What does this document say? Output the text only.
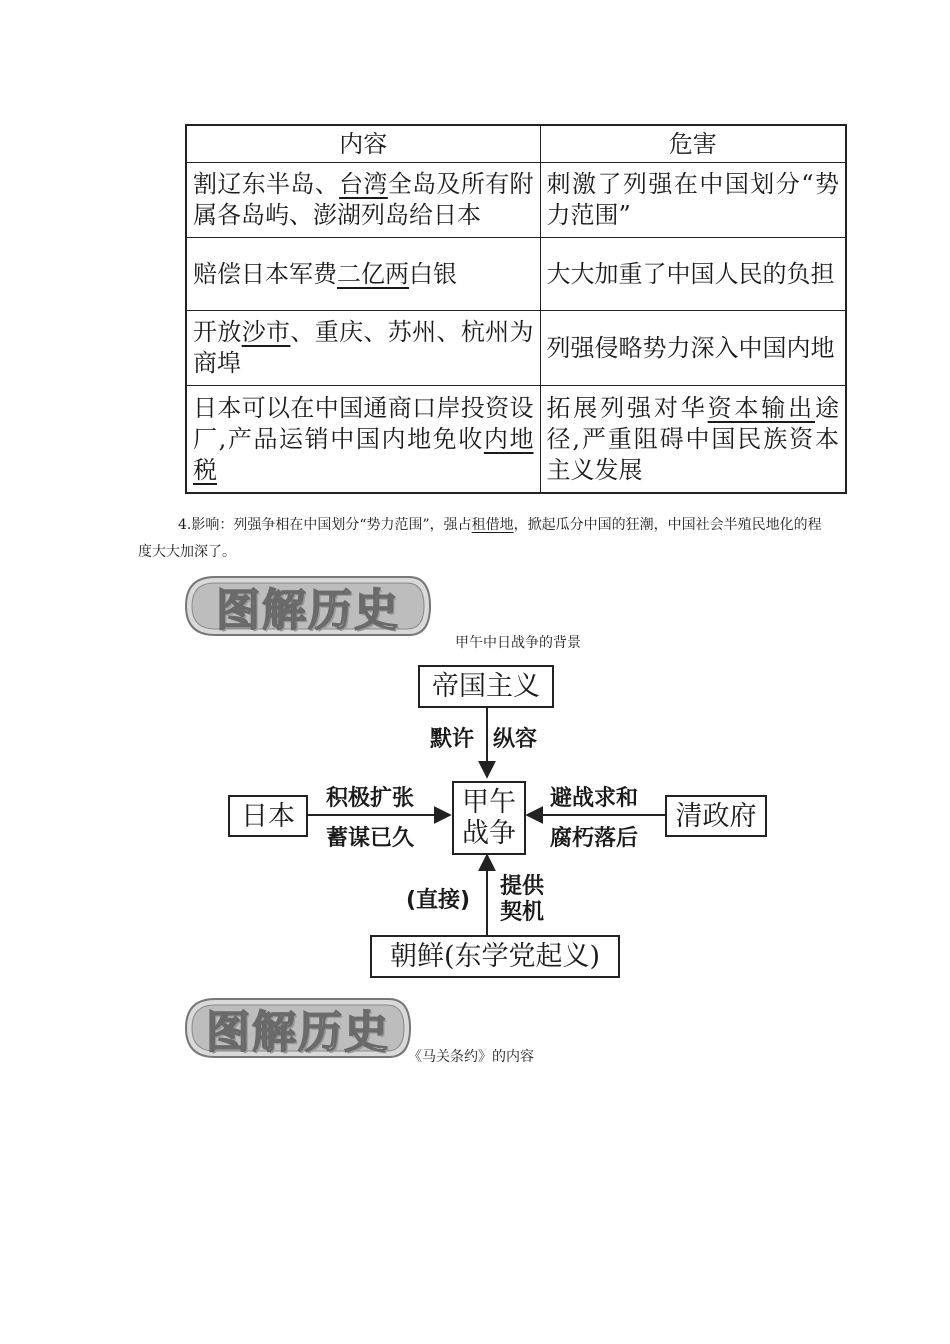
内容	危害
割辽东半岛、台湾全岛及所有附属各岛屿、澎湖列岛给日本	刺激了列强在中国划分“势力范围”
赔偿日本军费二亿两白银	大大加重了中国人民的负担
开放沙市、重庆、苏州、杭州为商埠	列强侵略势力深入中国内地
日本可以在中国通商口岸投资设厂,产品运销中国内地免收内地税	拓展列强对华资本输出途径,严重阻碍中国民族资本主义发展

4.影响：列强争相在中国划分“势力范围”，强占租借地，掀起瓜分中国的狂潮，中国社会半殖民地化的程度大大加深了。

图解历史
甲午中日战争的背景
帝国主义
默许 纵容
甲午
战争
日本
积极扩张
蓄谋已久
清政府
避战求和
腐朽落后
(直接)
提供
契机
朝鲜(东学党起义)
图解历史	《马关条约》的内容
